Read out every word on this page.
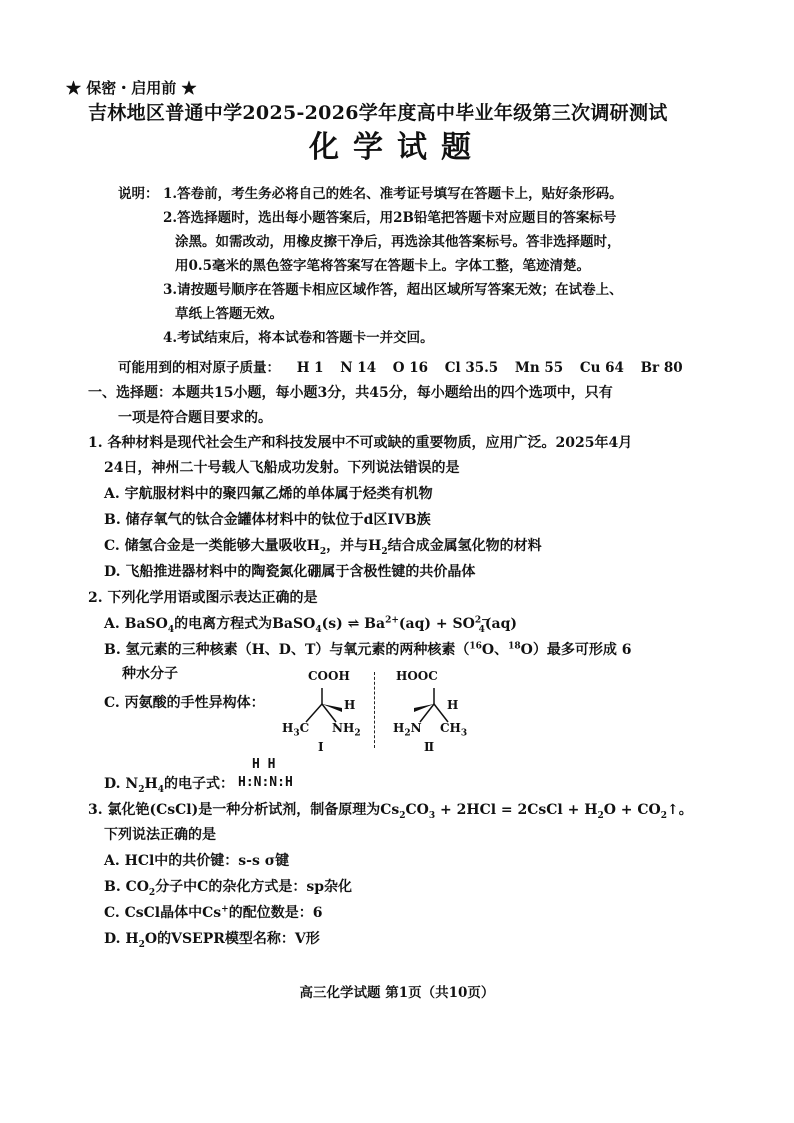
★ 保密・启用前 ★
吉林地区普通中学2025-2026学年度高中毕业年级第三次调研测试
化学试题
说明： 1.答卷前，考生务必将自己的姓名、准考证号填写在答题卡上，贴好条形码。
2.答选择题时，选出每小题答案后，用2B铅笔把答题卡对应题目的答案标号
涂黑。如需改动，用橡皮擦干净后，再选涂其他答案标号。答非选择题时，
用0.5毫米的黑色签字笔将答案写在答题卡上。字体工整，笔迹清楚。
3.请按题号顺序在答题卡相应区域作答，超出区域所写答案无效；在试卷上、
草纸上答题无效。
4.考试结束后，将本试卷和答题卡一并交回。
可能用到的相对原子质量： H 1 N 14 O 16 Cl 35.5 Mn 55 Cu 64 Br 80
一、选择题：本题共15小题，每小题3分，共45分，每小题给出的四个选项中，只有
一项是符合题目要求的。
1. 各种材料是现代社会生产和科技发展中不可或缺的重要物质，应用广泛。2025年4月
24日，神州二十号载人飞船成功发射。下列说法错误的是
A. 宇航服材料中的聚四氟乙烯的单体属于烃类有机物
B. 储存氧气的钛合金罐体材料中的钛位于d区IVB族
C. 储氢合金是一类能够大量吸收$H_2$，并与$H_2$结合成金属氢化物的材料
D. 飞船推进器材料中的陶瓷氮化硼属于含极性键的共价晶体
2. 下列化学用语或图示表达正确的是
A. BaSO$_4$的电离方程式为BaSO$_4$(s) ⇌ $Ba^{2+}(aq) + SO^{2-}_4(aq)$
B. 氢元素的三种核素（H、D、T）与氧元素的两种核素（$^{16}$O、$^{18}$O）最多可形成 6
种水分子
C. 丙氨酸的手性异构体：
COOH
H
$H_3C$ $NH_2$
I
HOOC
H
$H_2N$ $CH_3$
Ⅱ
D. $N_2H_4$的电子式：
H H
H:N:N:H
3. 氯化铯(CsCl)是一种分析试剂，制备原理为$Cs_2CO_3 + 2HCl$ = 2CsCl + $H_2O$ + $CO_2↑$。
下列说法正确的是
A. HCl中的共价键：s-s σ键
B. $CO_2$分子中C的杂化方式是：sp杂化
C. CsCl晶体中Cs+的配位数是：6
D. $H_2O$的VSEPR模型名称：V形
高三化学试题 第1页（共10页）
